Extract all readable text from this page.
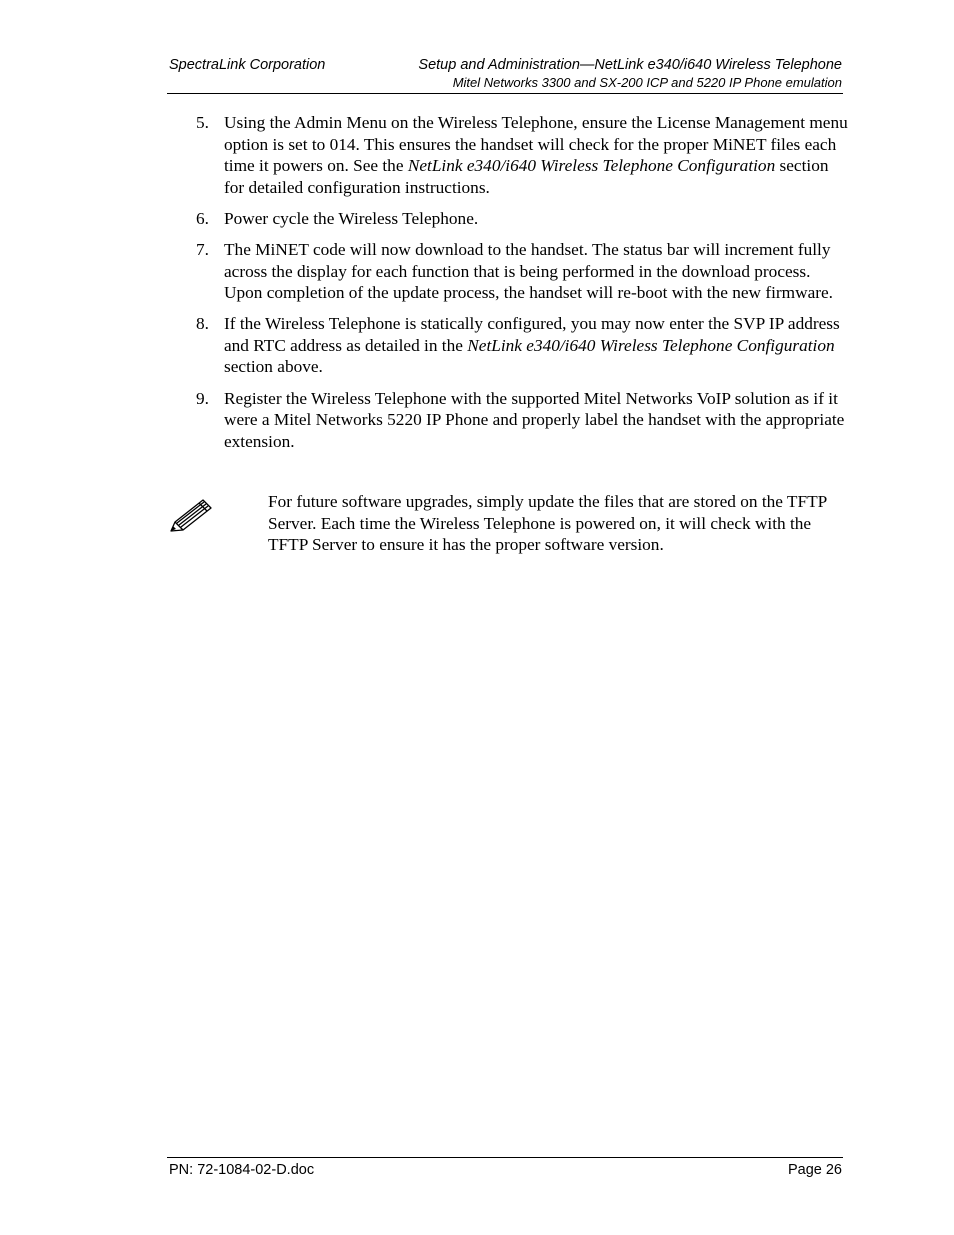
SpectraLink Corporation	Setup and Administration—NetLink e340/i640 Wireless Telephone
Mitel Networks 3300 and SX-200 ICP and 5220 IP Phone emulation
5. Using the Admin Menu on the Wireless Telephone, ensure the License Management menu option is set to 014. This ensures the handset will check for the proper MiNET files each time it powers on. See the NetLink e340/i640 Wireless Telephone Configuration section for detailed configuration instructions.
6. Power cycle the Wireless Telephone.
7. The MiNET code will now download to the handset. The status bar will increment fully across the display for each function that is being performed in the download process. Upon completion of the update process, the handset will re-boot with the new firmware.
8. If the Wireless Telephone is statically configured, you may now enter the SVP IP address and RTC address as detailed in the NetLink e340/i640 Wireless Telephone Configuration section above.
9. Register the Wireless Telephone with the supported Mitel Networks VoIP solution as if it were a Mitel Networks 5220 IP Phone and properly label the handset with the appropriate extension.
For future software upgrades, simply update the files that are stored on the TFTP Server. Each time the Wireless Telephone is powered on, it will check with the TFTP Server to ensure it has the proper software version.
PN: 72-1084-02-D.doc	Page 26
